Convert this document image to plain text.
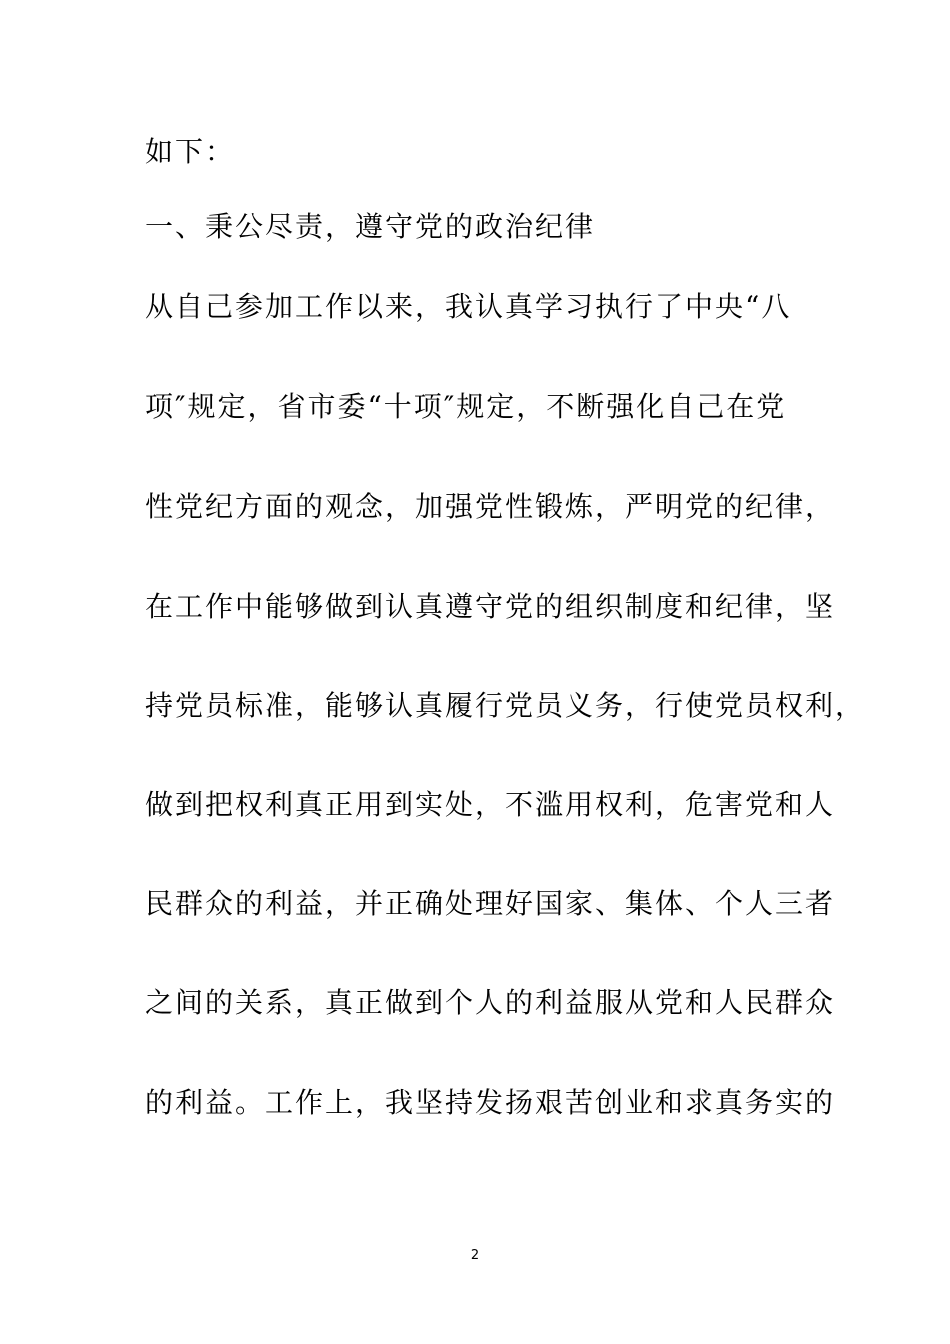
如下：
一、秉公尽责，遵守党的政治纪律
从自己参加工作以来，我认真学习执行了中央“八
项″规定，省市委“十项″规定，不断强化自己在党
性党纪方面的观念，加强党性锻炼，严明党的纪律，
在工作中能够做到认真遵守党的组织制度和纪律，坚
持党员标准，能够认真履行党员义务，行使党员权利，
做到把权利真正用到实处，不滥用权利，危害党和人
民群众的利益，并正确处理好国家、集体、个人三者
之间的关系，真正做到个人的利益服从党和人民群众
的利益。工作上，我坚持发扬艰苦创业和求真务实的
2
